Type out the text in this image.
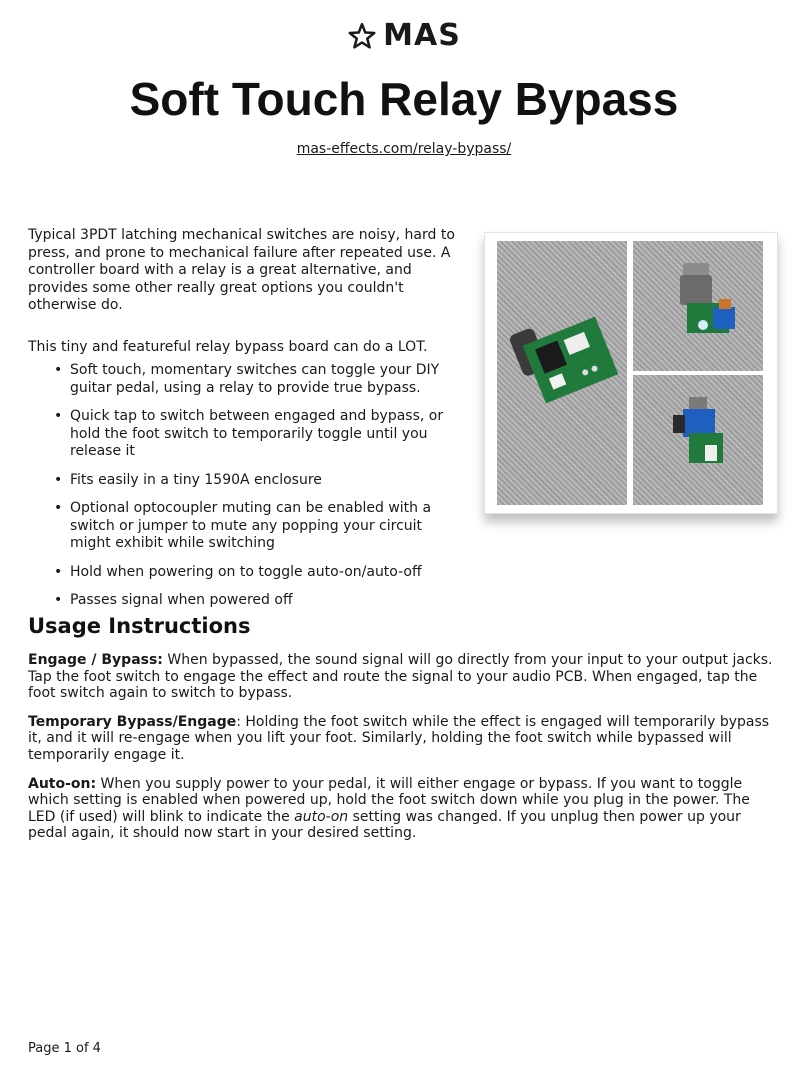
MAS
Soft Touch Relay Bypass
mas-effects.com/relay-bypass/

Typical 3PDT latching mechanical switches are noisy, hard to press, and prone to mechanical failure after repeated use. A controller board with a relay is a great alternative, and provides some other really great options you couldn't otherwise do.

This tiny and featureful relay bypass board can do a LOT.

• Soft touch, momentary switches can toggle your DIY guitar pedal, using a relay to provide true bypass.
• Quick tap to switch between engaged and bypass, or hold the foot switch to temporarily toggle until you release it
• Fits easily in a tiny 1590A enclosure
• Optional optocoupler muting can be enabled with a switch or jumper to mute any popping your circuit might exhibit while switching
• Hold when powering on to toggle auto-on/auto-off
• Passes signal when powered off
Usage Instructions

Engage / Bypass: When bypassed, the sound signal will go directly from your input to your output jacks. Tap the foot switch to engage the effect and route the signal to your audio PCB. When engaged, tap the foot switch again to switch to bypass.

Temporary Bypass/Engage: Holding the foot switch while the effect is engaged will temporarily bypass it, and it will re-engage when you lift your foot. Similarly, holding the foot switch while bypassed will temporarily engage it.

Auto-on: When you supply power to your pedal, it will either engage or bypass. If you want to toggle which setting is enabled when powered up, hold the foot switch down while you plug in the power. The LED (if used) will blink to indicate the auto-on setting was changed. If you unplug then power up your pedal again, it should now start in your desired setting.

Page 1 of 4
